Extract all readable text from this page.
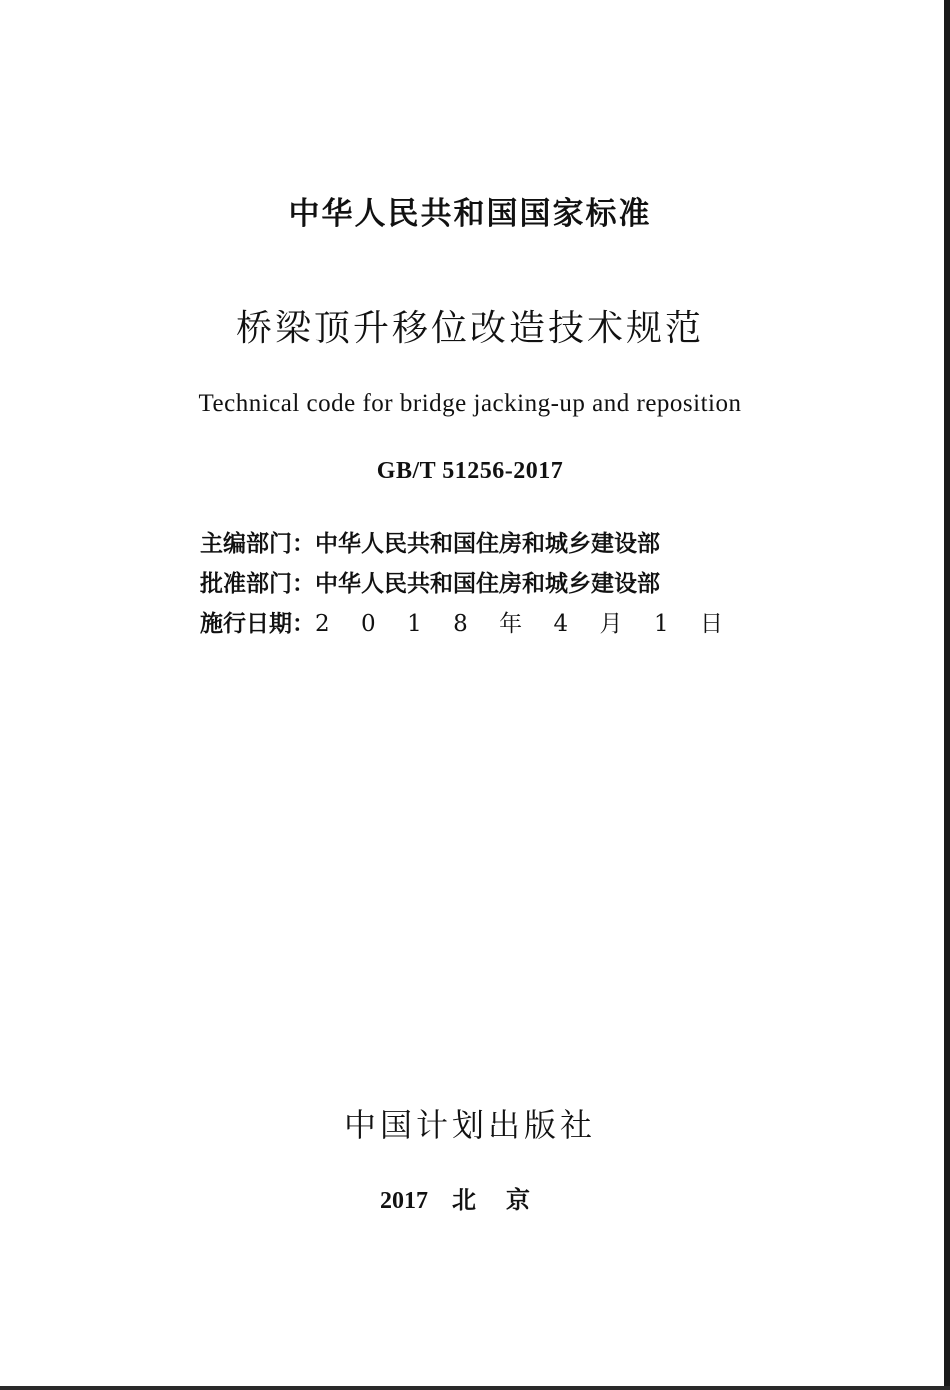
中华人民共和国国家标准
桥梁顶升移位改造技术规范
Technical code for bridge jacking-up and reposition
GB/T 51256-2017
主编部门： 中华人民共和国住房和城乡建设部
批准部门： 中华人民共和国住房和城乡建设部
施行日期： 2 0 1 8 年 4 月 1 日
中国计划出版社
2017 北京
